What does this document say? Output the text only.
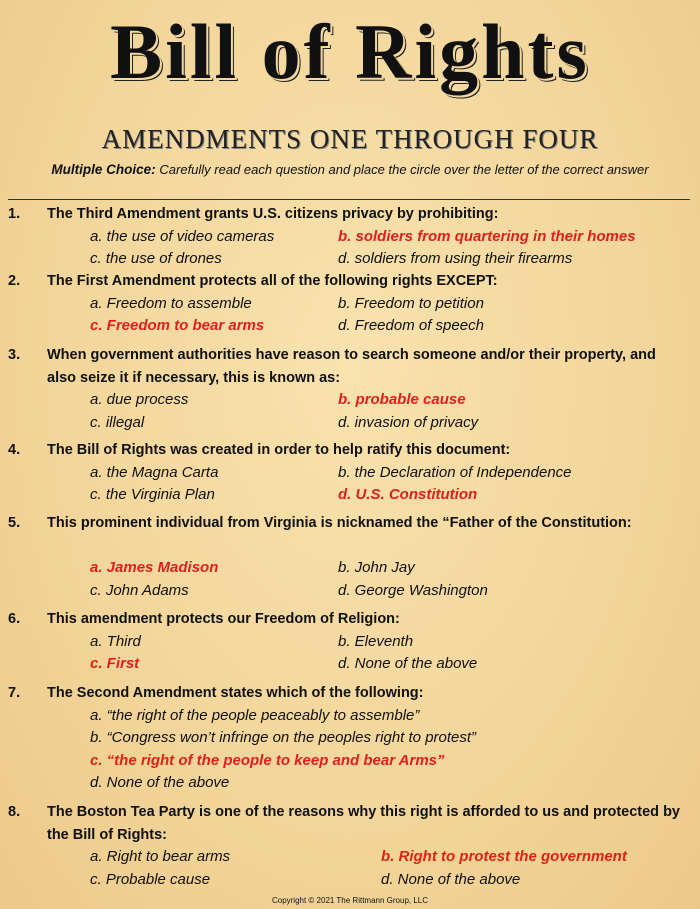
Bill of Rights
AMENDMENTS ONE THROUGH FOUR
Multiple Choice: Carefully read each question and place the circle over the letter of the correct answer
1. The Third Amendment grants U.S. citizens privacy by prohibiting:
a. the use of video cameras	b. soldiers from quartering in their homes
c. the use of drones	d. soldiers from using their firearms
2. The First Amendment protects all of the following rights EXCEPT:
a. Freedom to assemble	b. Freedom to petition
c. Freedom to bear arms	d. Freedom of speech
3. When government authorities have reason to search someone and/or their property, and also seize it if necessary, this is known as:
a. due process	b. probable cause
c. illegal	d. invasion of privacy
4. The Bill of Rights was created in order to help ratify this document:
a. the Magna Carta	b. the Declaration of Independence
c. the Virginia Plan	d. U.S. Constitution
5. This prominent individual from Virginia is nicknamed the “Father of the Constitution:
a. James Madison	b. John Jay
c. John Adams	d. George Washington
6. This amendment protects our Freedom of Religion:
a. Third	b. Eleventh
c. First	d. None of the above
7. The Second Amendment states which of the following:
a. “the right of the people peaceably to assemble”
b. “Congress won’t infringe on the peoples right to protest”
c. “the right of the people to keep and bear Arms”
d. None of the above
8. The Boston Tea Party is one of the reasons why this right is afforded to us and protected by the Bill of Rights:
a. Right to bear arms	b. Right to protest the government
c. Probable cause	d. None of the above
Copyright © 2021 The Rittmann Group, LLC
